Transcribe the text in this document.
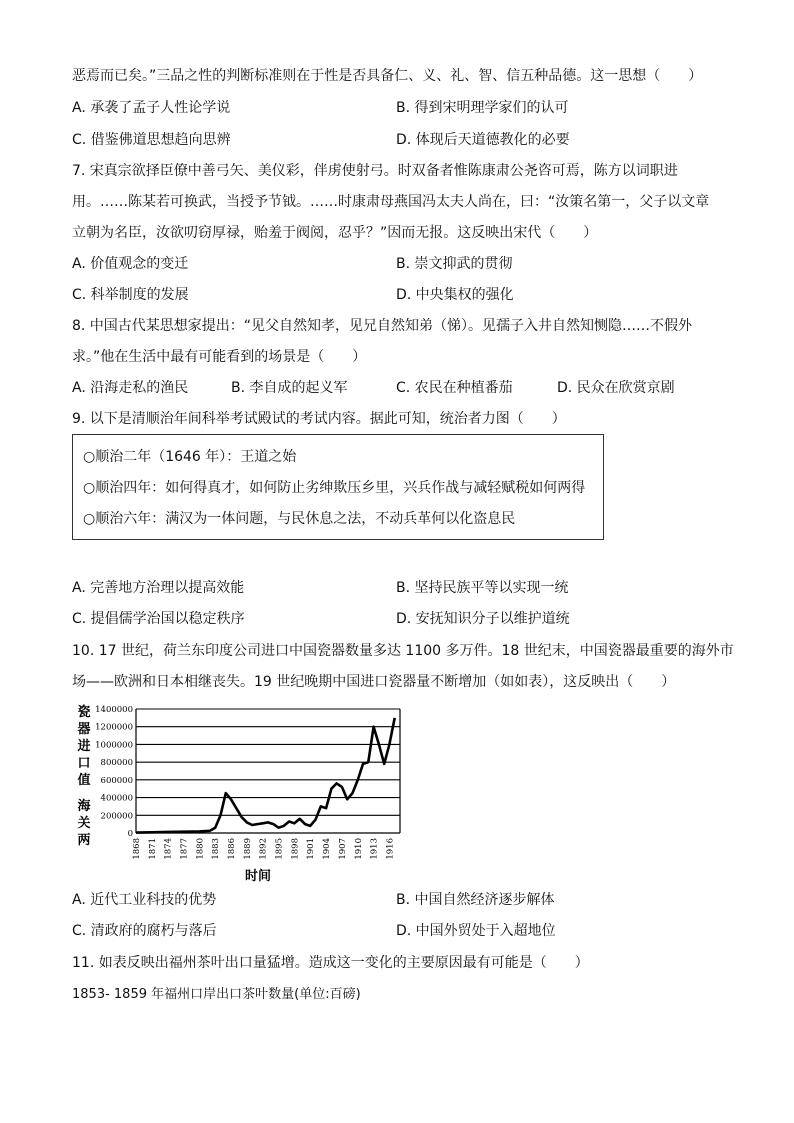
恶焉而已矣。”三品之性的判断标准则在于性是否具备仁、义、礼、智、信五种品德。这一思想（　　）
A. 承袭了孟子人性论学说	B. 得到宋明理学家们的认可
C. 借鉴佛道思想趋向思辨	D. 体现后天道德教化的必要
7. 宋真宗欲择臣僚中善弓矢、美仪彩，伴虏使射弓。时双备者惟陈康肃公尧咨可焉，陈方以词职进
用。……陈某若可换武，当授予节钺。……时康肃母燕国冯太夫人尚在，曰：“汝策名第一，父子以文章
立朝为名臣，汝欲叨窃厚禄，贻羞于阀阅，忍乎？”因而无报。这反映出宋代（　　）
A. 价值观念的变迁	B. 崇文抑武的贯彻
C. 科举制度的发展	D. 中央集权的强化
8. 中国古代某思想家提出：“见父自然知孝，见兄自然知弟（悌）。见孺子入井自然知恻隐……不假外
求。”他在生活中最有可能看到的场景是（　　）
A. 沿海走私的渔民	B. 李自成的起义军	C. 农民在种植番茄	D. 民众在欣赏京剧
9. 以下是清顺治年间科举考试殿试的考试内容。据此可知，统治者力图（　　）
○顺治二年（1646 年）：王道之始
○顺治四年：如何得真才，如何防止劣绅欺压乡里，兴兵作战与减轻赋税如何两得
○顺治六年：满汉为一体问题，与民休息之法，不动兵革何以化盗息民
A. 完善地方治理以提高效能	B. 坚持民族平等以实现一统
C. 提倡儒学治国以稳定秩序	D. 安抚知识分子以维护道统
10. 17 世纪，荷兰东印度公司进口中国瓷器数量多达 1100 多万件。18 世纪末，中国瓷器最重要的海外市
场——欧洲和日本相继丧失。19 世纪晚期中国进口瓷器量不断增加（如如表），这反映出（　　）
瓷
器
进
口
值
海
关
两	0
200000
400000
600000
800000
1000000
1200000
1400000
1868 1871 1874 1877 1880 1883 1886 1889 1892 1895 1898 1901 1904 1907 1910 1913 1916
时间
A. 近代工业科技的优势	B. 中国自然经济逐步解体
C. 清政府的腐朽与落后	D. 中国外贸处于入超地位
11. 如表反映出福州茶叶出口量猛增。造成这一变化的主要原因最有可能是（　　）
1853- 1859 年福州口岸出口茶叶数量(单位:百磅)
